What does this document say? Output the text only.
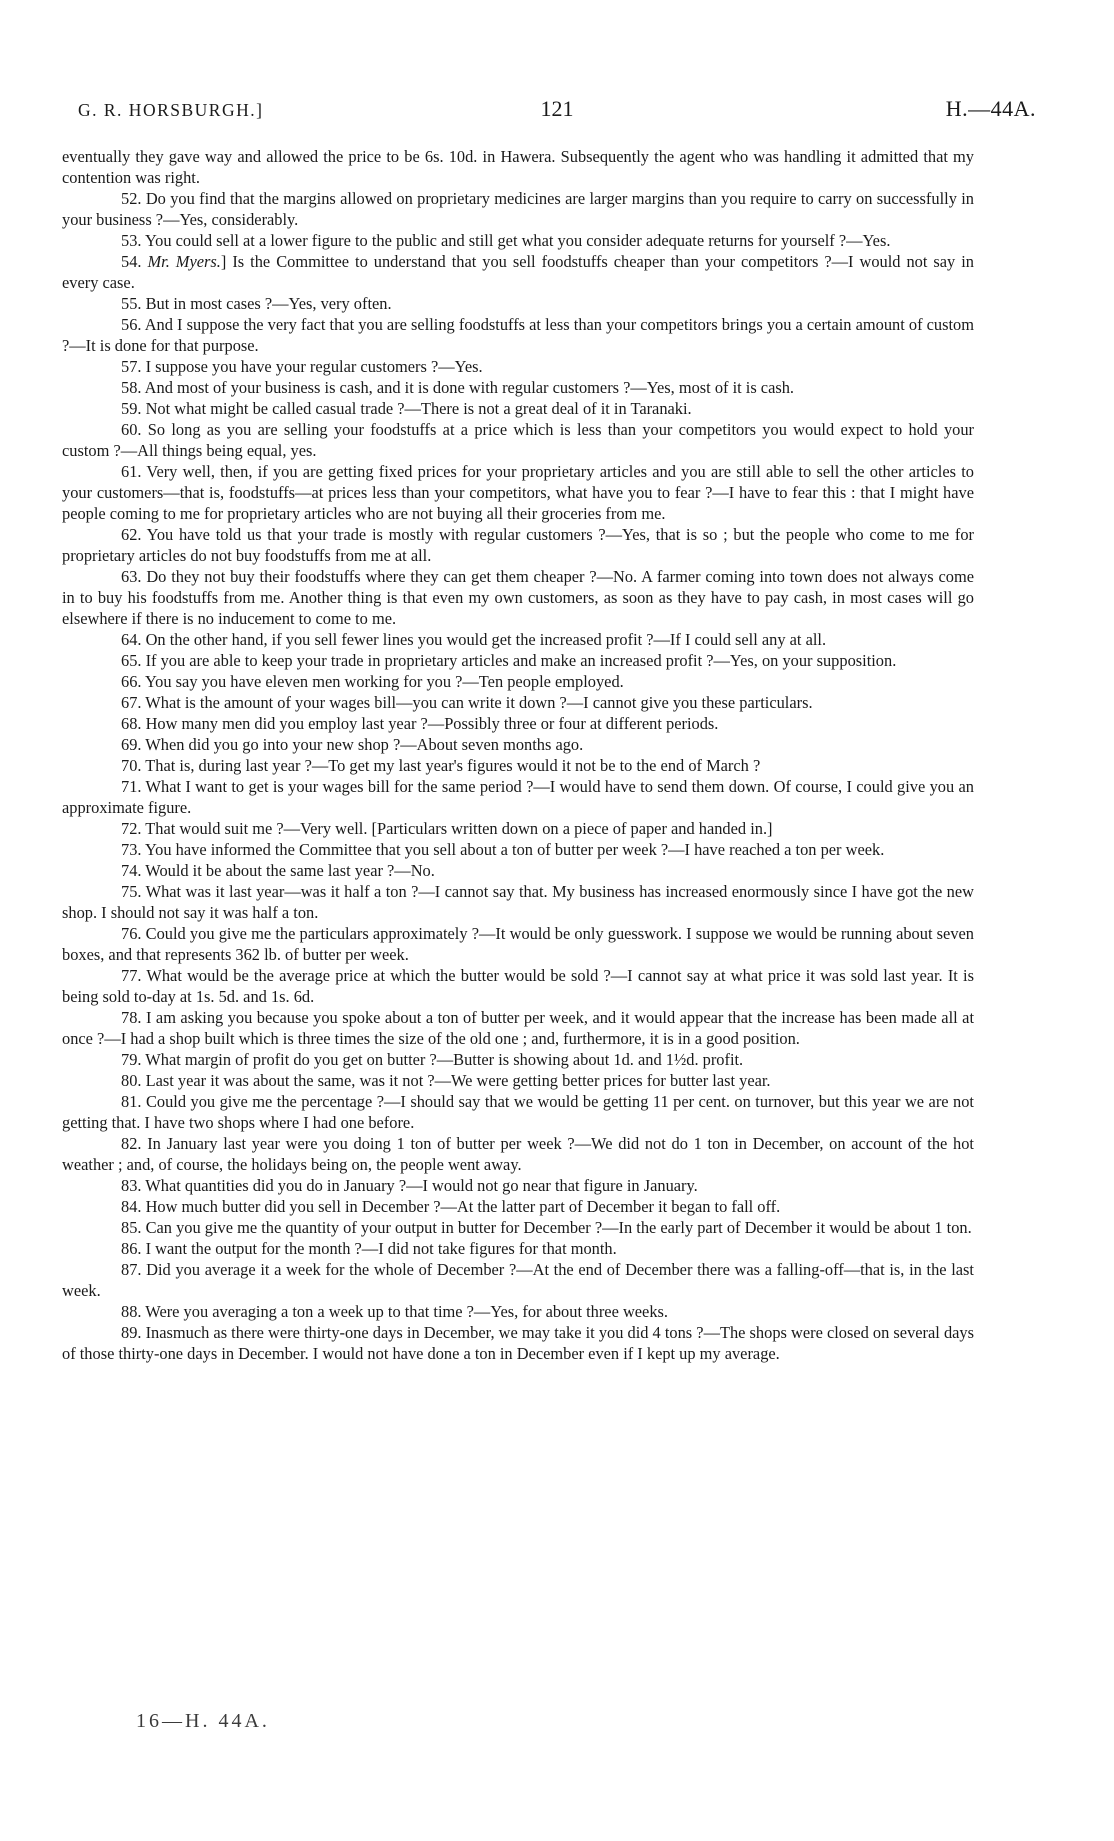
G. R. HORSBURGH.]	121	H.—44A.

eventually they gave way and allowed the price to be 6s. 10d. in Hawera. Subsequently the agent who was handling it admitted that my contention was right.

52. Do you find that the margins allowed on proprietary medicines are larger margins than you require to carry on successfully in your business ?—Yes, considerably.

53. You could sell at a lower figure to the public and still get what you consider adequate returns for yourself ?—Yes.

54. Mr. Myers.] Is the Committee to understand that you sell foodstuffs cheaper than your competitors ?—I would not say in every case.

55. But in most cases ?—Yes, very often.

56. And I suppose the very fact that you are selling foodstuffs at less than your competitors brings you a certain amount of custom ?—It is done for that purpose.

57. I suppose you have your regular customers ?—Yes.

58. And most of your business is cash, and it is done with regular customers ?—Yes, most of it is cash.

59. Not what might be called casual trade ?—There is not a great deal of it in Taranaki.

60. So long as you are selling your foodstuffs at a price which is less than your competitors you would expect to hold your custom ?—All things being equal, yes.

61. Very well, then, if you are getting fixed prices for your proprietary articles and you are still able to sell the other articles to your customers—that is, foodstuffs—at prices less than your competitors, what have you to fear ?—I have to fear this : that I might have people coming to me for proprietary articles who are not buying all their groceries from me.

62. You have told us that your trade is mostly with regular customers ?—Yes, that is so ; but the people who come to me for proprietary articles do not buy foodstuffs from me at all.

63. Do they not buy their foodstuffs where they can get them cheaper ?—No. A farmer coming into town does not always come in to buy his foodstuffs from me. Another thing is that even my own customers, as soon as they have to pay cash, in most cases will go elsewhere if there is no inducement to come to me.

64. On the other hand, if you sell fewer lines you would get the increased profit ?—If I could sell any at all.

65. If you are able to keep your trade in proprietary articles and make an increased profit ?—Yes, on your supposition.

66. You say you have eleven men working for you ?—Ten people employed.

67. What is the amount of your wages bill—you can write it down ?—I cannot give you these particulars.

68. How many men did you employ last year ?—Possibly three or four at different periods.

69. When did you go into your new shop ?—About seven months ago.

70. That is, during last year ?—To get my last year's figures would it not be to the end of March ?

71. What I want to get is your wages bill for the same period ?—I would have to send them down. Of course, I could give you an approximate figure.

72. That would suit me ?—Very well. [Particulars written down on a piece of paper and handed in.]

73. You have informed the Committee that you sell about a ton of butter per week ?—I have reached a ton per week.

74. Would it be about the same last year ?—No.

75. What was it last year—was it half a ton ?—I cannot say that. My business has increased enormously since I have got the new shop. I should not say it was half a ton.

76. Could you give me the particulars approximately ?—It would be only guesswork. I suppose we would be running about seven boxes, and that represents 362 lb. of butter per week.

77. What would be the average price at which the butter would be sold ?—I cannot say at what price it was sold last year. It is being sold to-day at 1s. 5d. and 1s. 6d.

78. I am asking you because you spoke about a ton of butter per week, and it would appear that the increase has been made all at once ?—I had a shop built which is three times the size of the old one ; and, furthermore, it is in a good position.

79. What margin of profit do you get on butter ?—Butter is showing about 1d. and 1½d. profit.

80. Last year it was about the same, was it not ?—We were getting better prices for butter last year.

81. Could you give me the percentage ?—I should say that we would be getting 11 per cent. on turnover, but this year we are not getting that. I have two shops where I had one before.

82. In January last year were you doing 1 ton of butter per week ?—We did not do 1 ton in December, on account of the hot weather ; and, of course, the holidays being on, the people went away.

83. What quantities did you do in January ?—I would not go near that figure in January.

84. How much butter did you sell in December ?—At the latter part of December it began to fall off.

85. Can you give me the quantity of your output in butter for December ?—In the early part of December it would be about 1 ton.

86. I want the output for the month ?—I did not take figures for that month.

87. Did you average it a week for the whole of December ?—At the end of December there was a falling-off—that is, in the last week.

88. Were you averaging a ton a week up to that time ?—Yes, for about three weeks.

89. Inasmuch as there were thirty-one days in December, we may take it you did 4 tons ?—The shops were closed on several days of those thirty-one days in December. I would not have done a ton in December even if I kept up my average.

16—H. 44A.
